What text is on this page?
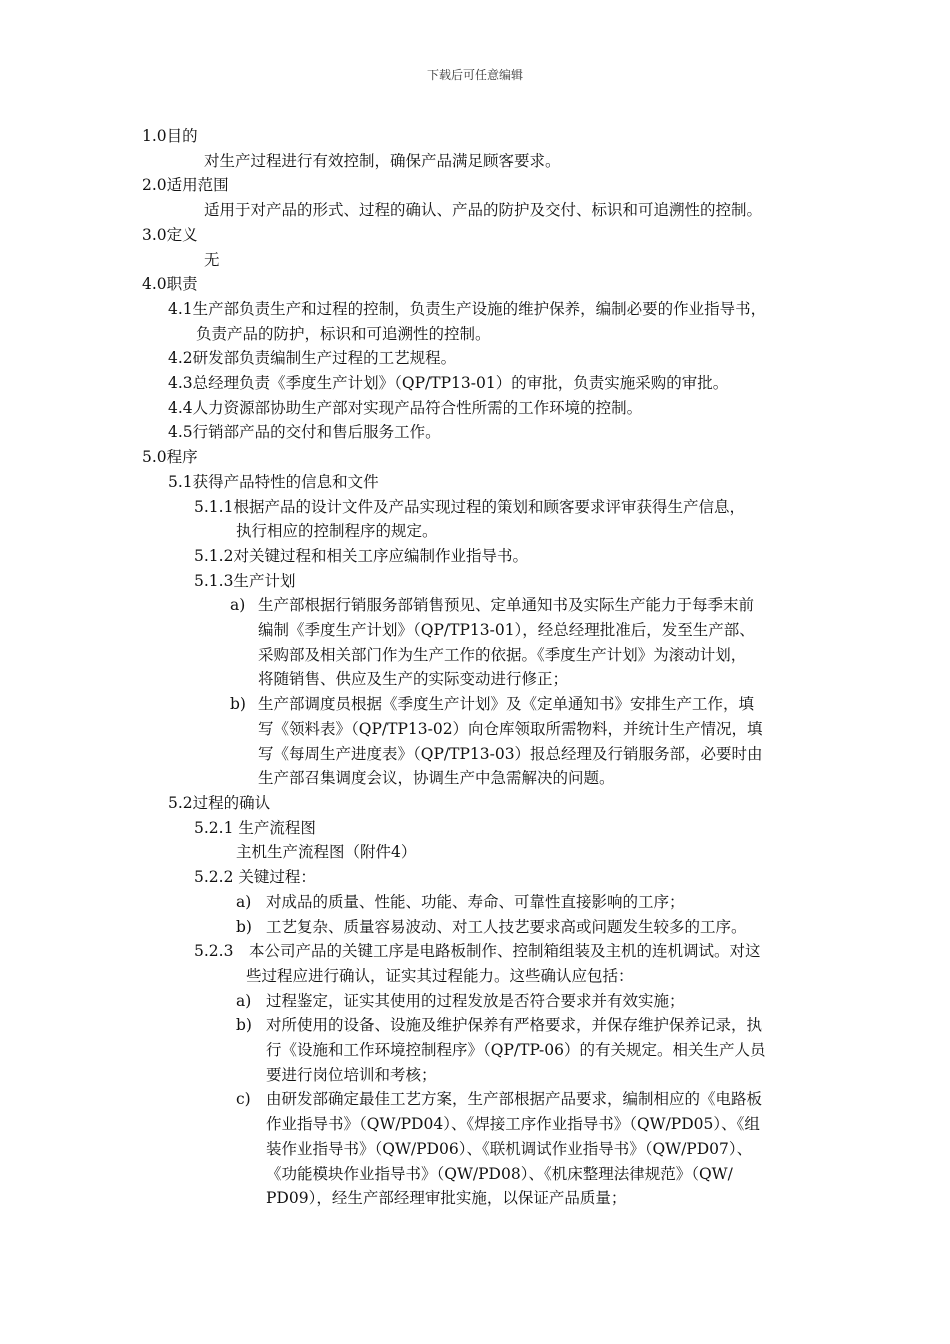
下载后可任意编辑
1.0目的
对生产过程进行有效控制，确保产品满足顾客要求。
2.0适用范围
适用于对产品的形式、过程的确认、产品的防护及交付、标识和可追溯性的控制。
3.0定义
无
4.0职责
4.1生产部负责生产和过程的控制，负责生产设施的维护保养，编制必要的作业指导书，
负责产品的防护，标识和可追溯性的控制。
4.2研发部负责编制生产过程的工艺规程。
4.3总经理负责《季度生产计划》（QP/TP13-01）的审批，负责实施采购的审批。
4.4人力资源部协助生产部对实现产品符合性所需的工作环境的控制。
4.5行销部产品的交付和售后服务工作。
5.0程序
5.1获得产品特性的信息和文件
5.1.1根据产品的设计文件及产品实现过程的策划和顾客要求评审获得生产信息，
执行相应的控制程序的规定。
5.1.2对关键过程和相关工序应编制作业指导书。
5.1.3生产计划
a) 生产部根据行销服务部销售预见、定单通知书及实际生产能力于每季末前
编制《季度生产计划》（QP/TP13-01），经总经理批准后，发至生产部、
采购部及相关部门作为生产工作的依据。《季度生产计划》为滚动计划，
将随销售、供应及生产的实际变动进行修正；
b) 生产部调度员根据《季度生产计划》及《定单通知书》安排生产工作，填
写《领料表》（QP/TP13-02）向仓库领取所需物料，并统计生产情况，填
写《每周生产进度表》（QP/TP13-03）报总经理及行销服务部，必要时由
生产部召集调度会议，协调生产中急需解决的问题。
5.2过程的确认
5.2.1 生产流程图
主机生产流程图（附件4）
5.2.2 关键过程：
a) 对成品的质量、性能、功能、寿命、可靠性直接影响的工序；
b) 工艺复杂、质量容易波动、对工人技艺要求高或问题发生较多的工序。
5.2.3　本公司产品的关键工序是电路板制作、控制箱组装及主机的连机调试。对这
些过程应进行确认，证实其过程能力。这些确认应包括：
a) 过程鉴定，证实其使用的过程发放是否符合要求并有效实施；
b) 对所使用的设备、设施及维护保养有严格要求，并保存维护保养记录，执
行《设施和工作环境控制程序》（QP/TP-06）的有关规定。相关生产人员
要进行岗位培训和考核；
c) 由研发部确定最佳工艺方案，生产部根据产品要求，编制相应的《电路板
作业指导书》（QW/PD04）、《焊接工序作业指导书》（QW/PD05）、《组
装作业指导书》（QW/PD06）、《联机调试作业指导书》（QW/PD07）、
《功能模块作业指导书》（QW/PD08）、《机床整理法律规范》（QW/
PD09），经生产部经理审批实施，以保证产品质量；
